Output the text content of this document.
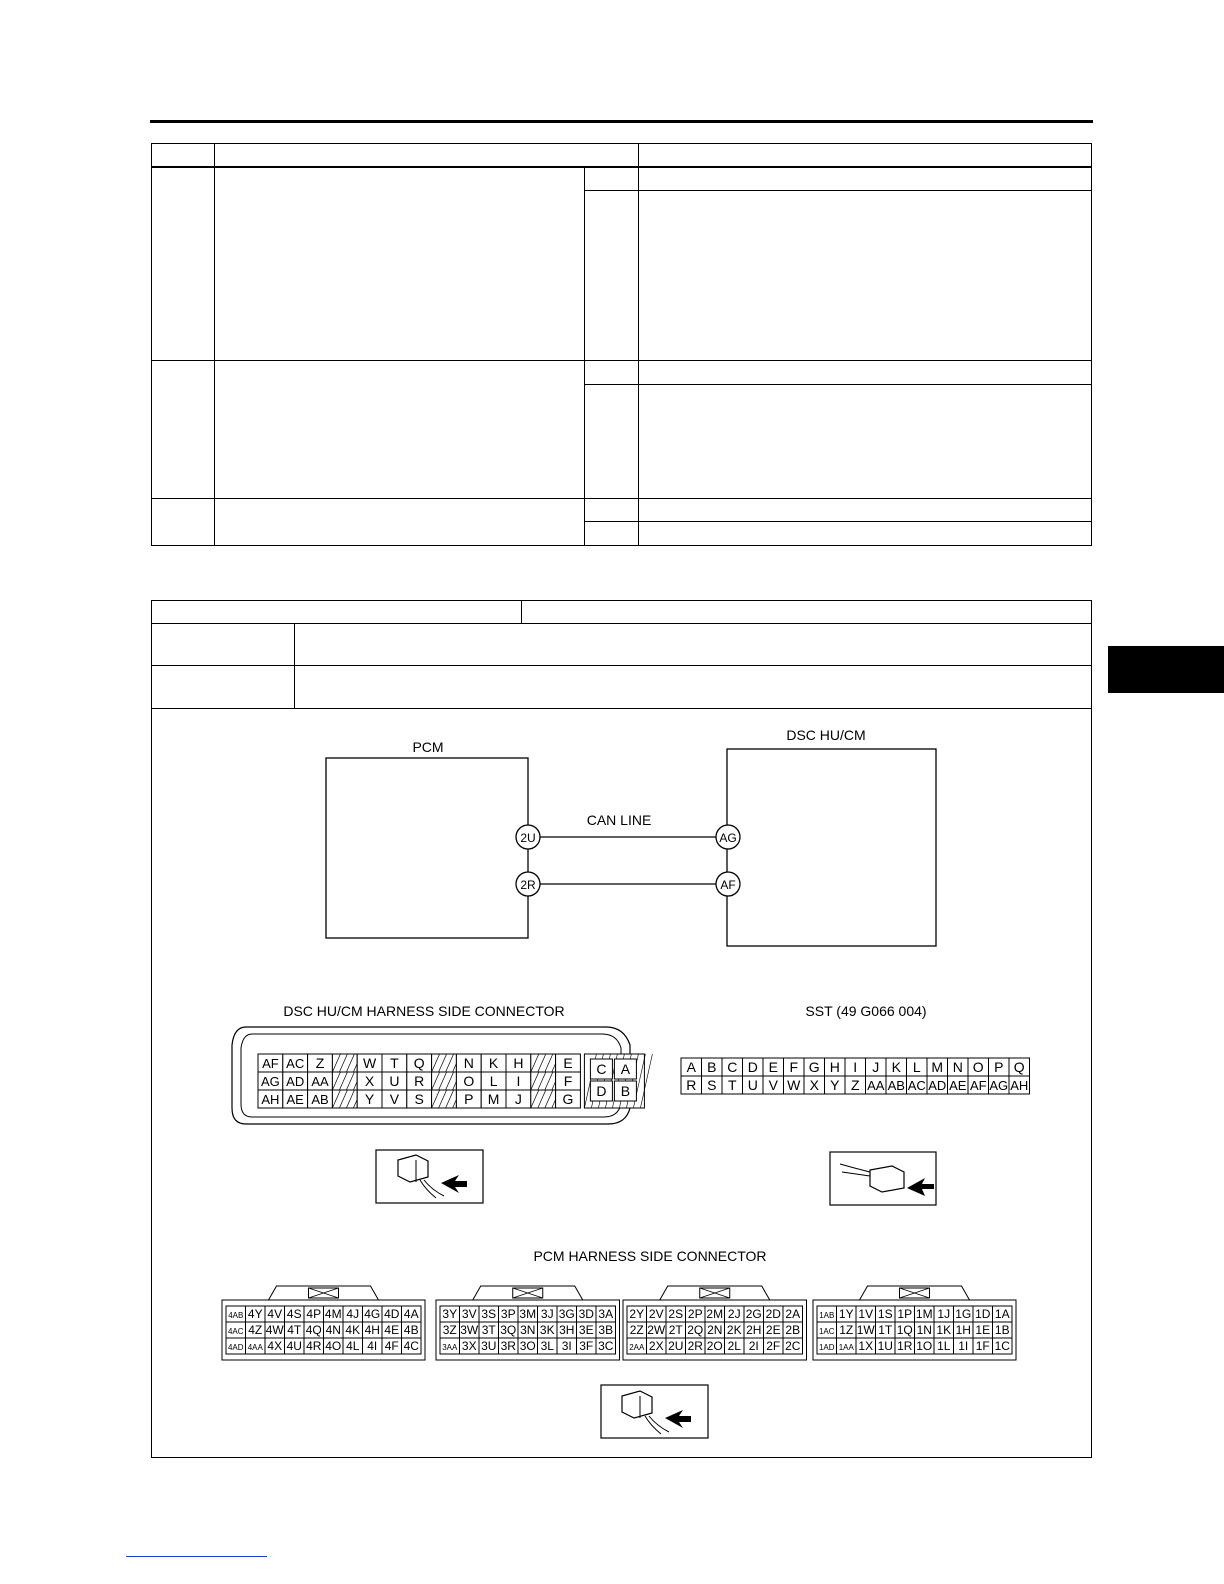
PCM
DSC HU/CM
CAN LINE
2U
2R
AG
AF
DSC HU/CM HARNESS SIDE CONNECTOR	SST (49 G066 004)
PCM HARNESS SIDE CONNECTOR
AF AC Z	W T Q	N K H	E
AG AD AA	X U R	O L I	F
AH AE AB	Y V S	P M J	G
C A
D B
A B C D E F G H I J K L M N O P Q
R S T U V W X Y Z AA AB AC AD AE AF AG AH
4AB 4Y 4V 4S 4P 4M 4J 4G 4D 4A
4AC 4Z 4W 4T 4Q 4N 4K 4H 4E 4B
4AD 4AA 4X 4U 4R 4O 4L 4I 4F 4C
3Y 3V 3S 3P 3M 3J 3G 3D 3A
3Z 3W 3T 3Q 3N 3K 3H 3E 3B
3AA 3X 3U 3R 3O 3L 3I 3F 3C
2Y 2V 2S 2P 2M 2J 2G 2D 2A
2Z 2W 2T 2Q 2N 2K 2H 2E 2B
2AA 2X 2U 2R 2O 2L 2I 2F 2C
1AB 1Y 1V 1S 1P 1M 1J 1G 1D 1A
1AC 1Z 1W 1T 1Q 1N 1K 1H 1E 1B
1AD 1AA 1X 1U 1R 1O 1L 1I 1F 1C
